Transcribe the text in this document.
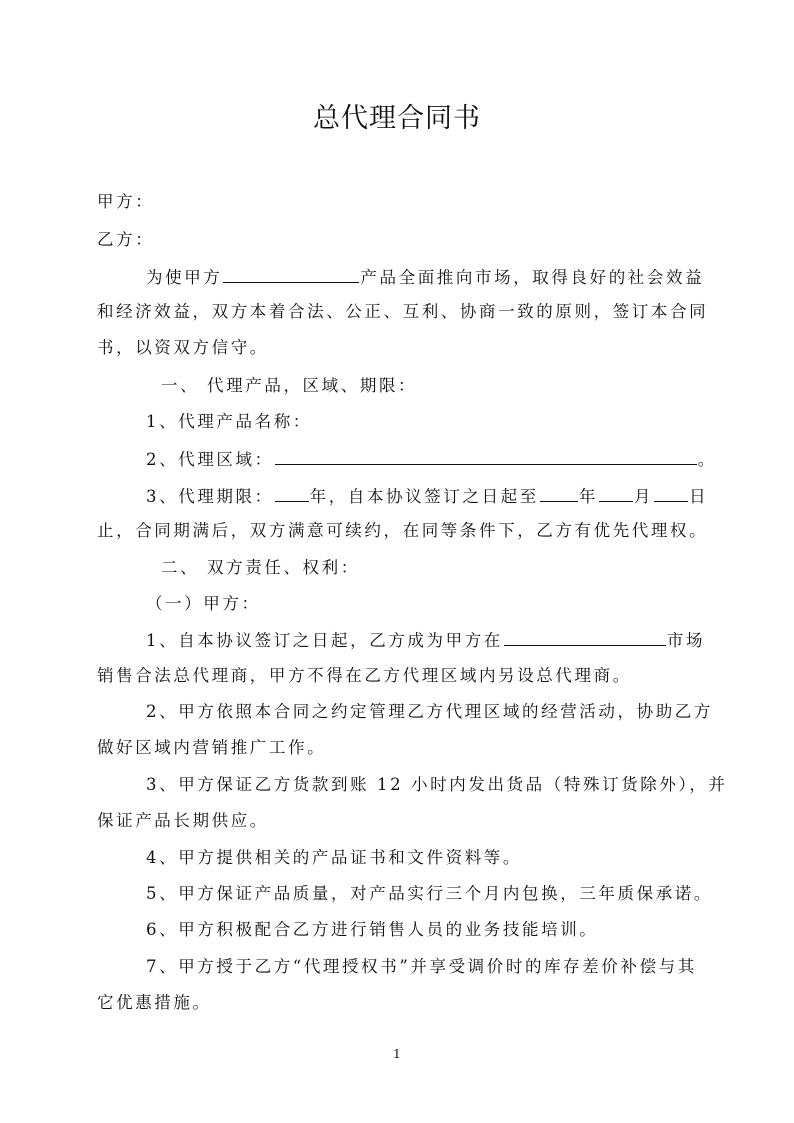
总代理合同书
甲方：
乙方：
为使甲方	产品全面推向市场，取得良好的社会效益
和经济效益，双方本着合法、公正、互利、协商一致的原则，签订本合同
书，以资双方信守。
一、 代理产品，区域、期限：
1、代理产品名称：
2、代理区域：	。
3、代理期限： 年，自本协议签订之日起至 年 月 日
止，合同期满后，双方满意可续约，在同等条件下，乙方有优先代理权。
二、 双方责任、权利：
（一）甲方：
1、自本协议签订之日起，乙方成为甲方在	市场
销售合法总代理商，甲方不得在乙方代理区域内另设总代理商。
2、甲方依照本合同之约定管理乙方代理区域的经营活动，协助乙方
做好区域内营销推广工作。
3、甲方保证乙方货款到账 12 小时内发出货品（特殊订货除外），并
保证产品长期供应。
4、甲方提供相关的产品证书和文件资料等。
5、甲方保证产品质量，对产品实行三个月内包换，三年质保承诺。
6、甲方积极配合乙方进行销售人员的业务技能培训。
7、甲方授于乙方“代理授权书”并享受调价时的库存差价补偿与其
它优惠措施。
1
